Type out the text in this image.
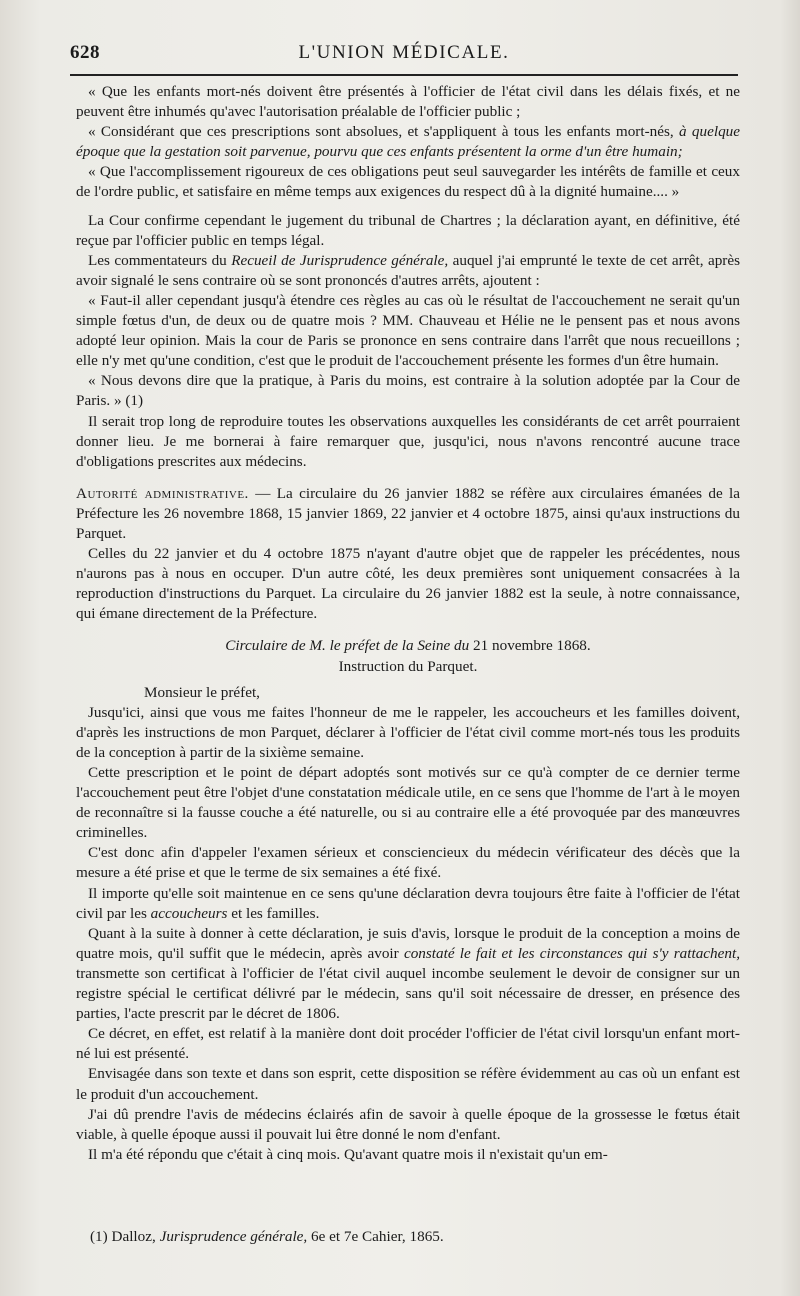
628	L'UNION MÉDICALE.

« Que les enfants mort-nés doivent être présentés à l'officier de l'état civil dans les délais fixés, et ne peuvent être inhumés qu'avec l'autorisation préalable de l'officier public ;

« Considérant que ces prescriptions sont absolues, et s'appliquent à tous les enfants mort-nés, à quelque époque que la gestation soit parvenue, pourvu que ces enfants présentent la orme d'un être humain;

« Que l'accomplissement rigoureux de ces obligations peut seul sauvegarder les intérêts de famille et ceux de l'ordre public, et satisfaire en même temps aux exigences du respect dû à la dignité humaine.... »

La Cour confirme cependant le jugement du tribunal de Chartres ; la déclaration ayant, en définitive, été reçue par l'officier public en temps légal.

Les commentateurs du Recueil de Jurisprudence générale, auquel j'ai emprunté le texte de cet arrêt, après avoir signalé le sens contraire où se sont prononcés d'autres arrêts, ajoutent :

« Faut-il aller cependant jusqu'à étendre ces règles au cas où le résultat de l'accouchement ne serait qu'un simple fœtus d'un, de deux ou de quatre mois ? MM. Chauveau et Hélie ne le pensent pas et nous avons adopté leur opinion. Mais la cour de Paris se prononce en sens contraire dans l'arrêt que nous recueillons ; elle n'y met qu'une condition, c'est que le produit de l'accouchement présente les formes d'un être humain.

« Nous devons dire que la pratique, à Paris du moins, est contraire à la solution adoptée par la Cour de Paris. » (1)

Il serait trop long de reproduire toutes les observations auxquelles les considérants de cet arrêt pourraient donner lieu. Je me bornerai à faire remarquer que, jusqu'ici, nous n'avons rencontré aucune trace d'obligations prescrites aux médecins.

Autorité administrative. — La circulaire du 26 janvier 1882 se réfère aux circulaires émanées de la Préfecture les 26 novembre 1868, 15 janvier 1869, 22 janvier et 4 octobre 1875, ainsi qu'aux instructions du Parquet.

Celles du 22 janvier et du 4 octobre 1875 n'ayant d'autre objet que de rappeler les précédentes, nous n'aurons pas à nous en occuper. D'un autre côté, les deux premières sont uniquement consacrées à la reproduction d'instructions du Parquet. La circulaire du 26 janvier 1882 est la seule, à notre connaissance, qui émane directement de la Préfecture.

Circulaire de M. le préfet de la Seine du 21 novembre 1868.

Instruction du Parquet.

Monsieur le préfet,

Jusqu'ici, ainsi que vous me faites l'honneur de me le rappeler, les accoucheurs et les familles doivent, d'après les instructions de mon Parquet, déclarer à l'officier de l'état civil comme mort-nés tous les produits de la conception à partir de la sixième semaine.

Cette prescription et le point de départ adoptés sont motivés sur ce qu'à compter de ce dernier terme l'accouchement peut être l'objet d'une constatation médicale utile, en ce sens que l'homme de l'art à le moyen de reconnaître si la fausse couche a été naturelle, ou si au contraire elle a été provoquée par des manœuvres criminelles.

C'est donc afin d'appeler l'examen sérieux et consciencieux du médecin vérificateur des décès que la mesure a été prise et que le terme de six semaines a été fixé.

Il importe qu'elle soit maintenue en ce sens qu'une déclaration devra toujours être faite à l'officier de l'état civil par les accoucheurs et les familles.

Quant à la suite à donner à cette déclaration, je suis d'avis, lorsque le produit de la conception a moins de quatre mois, qu'il suffit que le médecin, après avoir constaté le fait et les circonstances qui s'y rattachent, transmette son certificat à l'officier de l'état civil auquel incombe seulement le devoir de consigner sur un registre spécial le certificat délivré par le médecin, sans qu'il soit nécessaire de dresser, en présence des parties, l'acte prescrit par le décret de 1806.

Ce décret, en effet, est relatif à la manière dont doit procéder l'officier de l'état civil lorsqu'un enfant mort-né lui est présenté.

Envisagée dans son texte et dans son esprit, cette disposition se réfère évidemment au cas où un enfant est le produit d'un accouchement.

J'ai dû prendre l'avis de médecins éclairés afin de savoir à quelle époque de la grossesse le fœtus était viable, à quelle époque aussi il pouvait lui être donné le nom d'enfant.

Il m'a été répondu que c'était à cinq mois. Qu'avant quatre mois il n'existait qu'un em-

(1) Dalloz, Jurisprudence générale, 6e et 7e Cahier, 1865.
